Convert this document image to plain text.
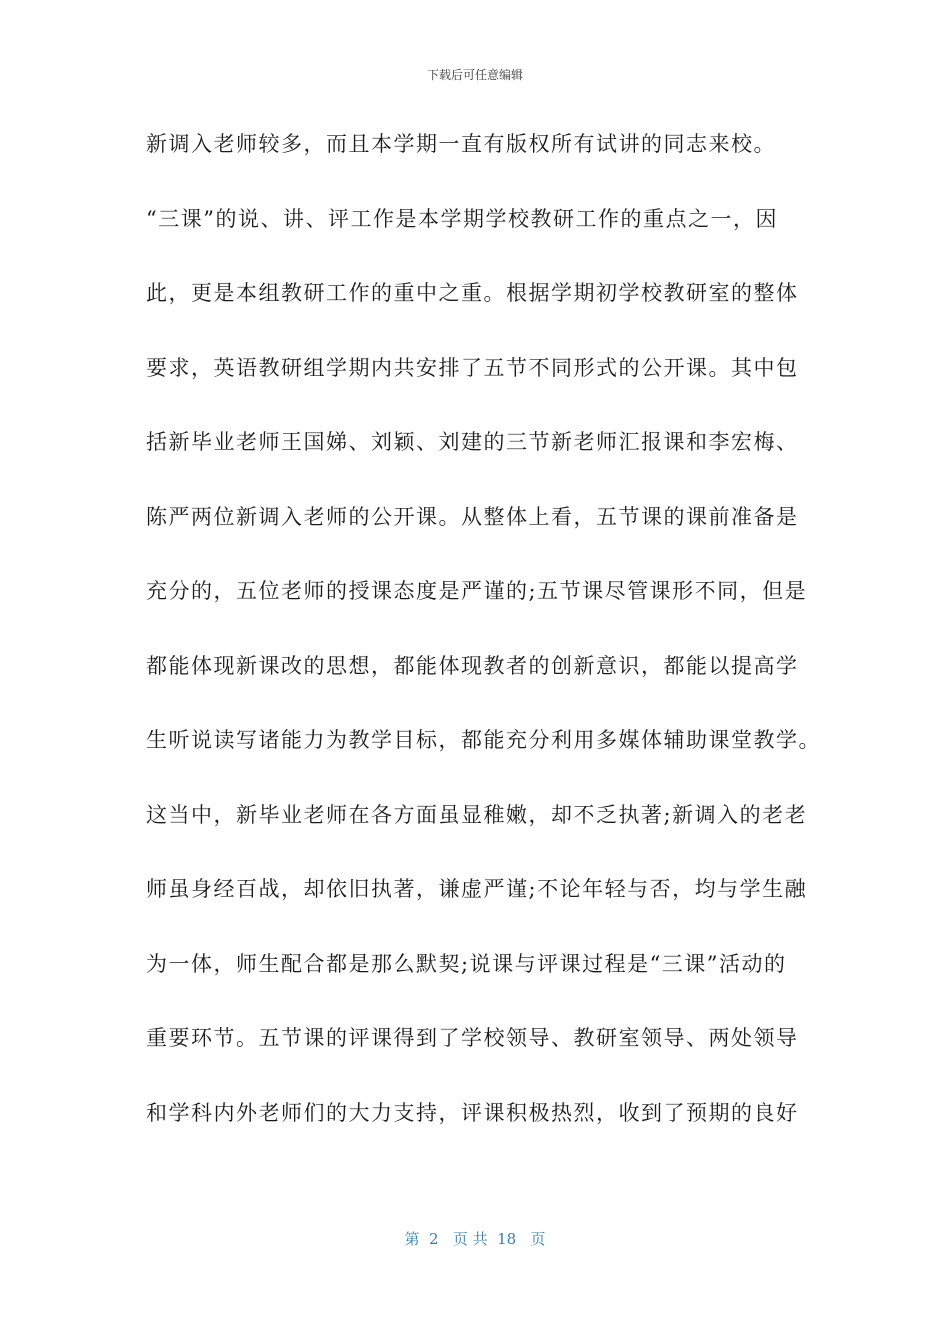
下载后可任意编辑
新调入老师较多，而且本学期一直有版权所有试讲的同志来校。
“三课”的说、讲、评工作是本学期学校教研工作的重点之一，因
此，更是本组教研工作的重中之重。根据学期初学校教研室的整体
要求，英语教研组学期内共安排了五节不同形式的公开课。其中包
括新毕业老师王国娣、刘颖、刘建的三节新老师汇报课和李宏梅、
陈严两位新调入老师的公开课。从整体上看，五节课的课前准备是
充分的，五位老师的授课态度是严谨的;五节课尽管课形不同，但是
都能体现新课改的思想，都能体现教者的创新意识，都能以提高学
生听说读写诸能力为教学目标，都能充分利用多媒体辅助课堂教学。
这当中，新毕业老师在各方面虽显稚嫩，却不乏执著;新调入的老老
师虽身经百战，却依旧执著，谦虚严谨;不论年轻与否，均与学生融
为一体，师生配合都是那么默契;说课与评课过程是“三课”活动的
重要环节。五节课的评课得到了学校领导、教研室领导、两处领导
和学科内外老师们的大力支持，评课积极热烈，收到了预期的良好
第  2   页 共  18   页
